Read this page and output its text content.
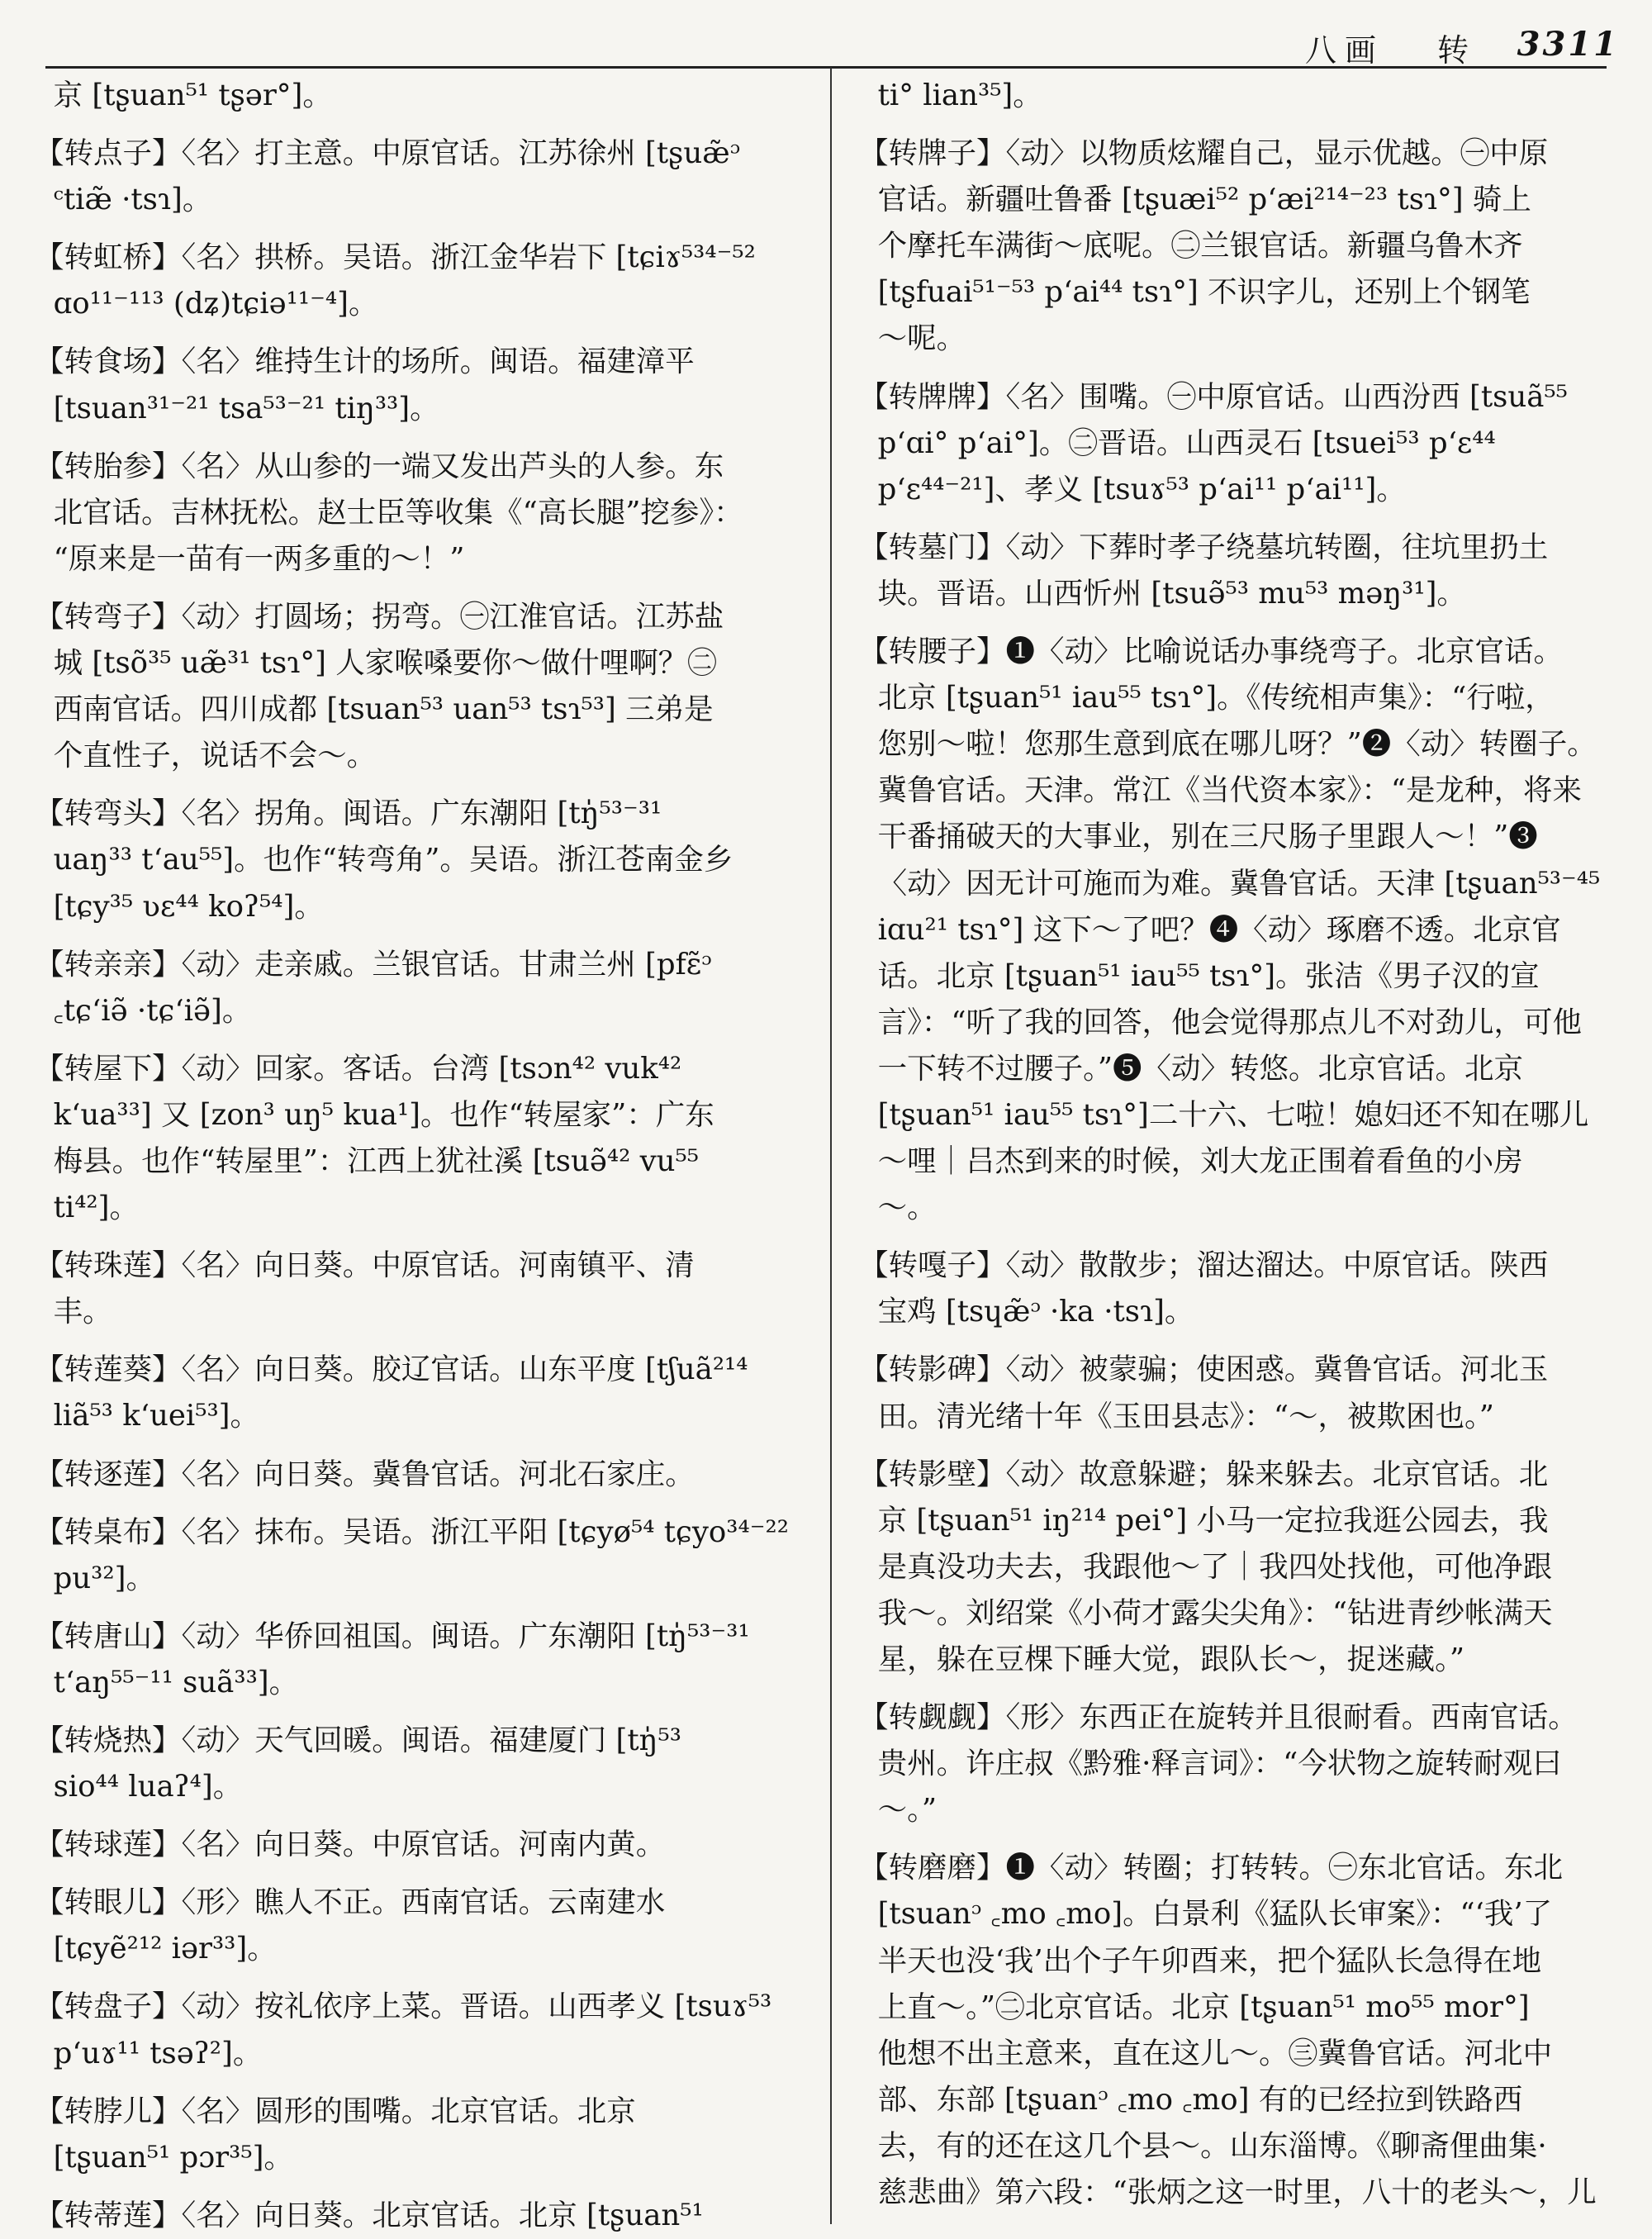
八画 转 3311
京 [tʂuan⁵¹ tʂər°]。
【转点子】〈名〉打主意。中原官话。江苏徐州 [tʂuæ̃ᵓ
ᶜtiæ̃ ·tsɿ]。
【转虹桥】〈名〉拱桥。吴语。浙江金华岩下 [tɕiɤ⁵³⁴⁻⁵²
ɑo¹¹⁻¹¹³ (dʑ)tɕiə¹¹⁻⁴]。
【转食场】〈名〉维持生计的场所。闽语。福建漳平
[tsuan³¹⁻²¹ tsa⁵³⁻²¹ tiŋ³³]。
【转胎参】〈名〉从山参的一端又发出芦头的人参。东
北官话。吉林抚松。赵士臣等收集《“高长腿”挖参》：
“原来是一苗有一两多重的～！”
【转弯子】〈动〉打圆场；拐弯。㊀江淮官话。江苏盐
城 [tsõ³⁵ uæ̃³¹ tsɿ°] 人家喉嗓要你～做什哩啊？㊁
西南官话。四川成都 [tsuan⁵³ uan⁵³ tsɿ⁵³] 三弟是
个直性子，说话不会～。
【转弯头】〈名〉拐角。闽语。广东潮阳 [tŋ̍⁵³⁻³¹
uaŋ³³ tʻau⁵⁵]。也作“转弯角”。吴语。浙江苍南金乡
[tɕy³⁵ ʋɛ⁴⁴ koʔ⁵⁴]。
【转亲亲】〈动〉走亲戚。兰银官话。甘肃兰州 [pfɛ̃ᵓ
꜀tɕʻiə̃ ·tɕʻiə̃]。
【转屋下】〈动〉回家。客话。台湾 [tsɔn⁴² vuk⁴²
kʻua³³] 又 [zon³ uŋ⁵ kua¹]。也作“转屋家”：广东
梅县。也作“转屋里”：江西上犹社溪 [tsuə̃⁴² vu⁵⁵
ti⁴²]。
【转珠莲】〈名〉向日葵。中原官话。河南镇平、清
丰。
【转莲葵】〈名〉向日葵。胶辽官话。山东平度 [tʃuã²¹⁴
liã⁵³ kʻuei⁵³]。
【转逐莲】〈名〉向日葵。冀鲁官话。河北石家庄。
【转桌布】〈名〉抹布。吴语。浙江平阳 [tɕyø⁵⁴ tɕyo³⁴⁻²²
pu³²]。
【转唐山】〈动〉华侨回祖国。闽语。广东潮阳 [tŋ̍⁵³⁻³¹
tʻaŋ⁵⁵⁻¹¹ suã³³]。
【转烧热】〈动〉天气回暖。闽语。福建厦门 [tŋ̍⁵³
sio⁴⁴ luaʔ⁴]。
【转球莲】〈名〉向日葵。中原官话。河南内黄。
【转眼儿】〈形〉瞧人不正。西南官话。云南建水
[tɕyẽ²¹² iər³³]。
【转盘子】〈动〉按礼依序上菜。晋语。山西孝义 [tsuɤ⁵³
pʻuɤ¹¹ tsəʔ²]。
【转脖儿】〈名〉圆形的围嘴。北京官话。北京
[tʂuan⁵¹ pɔr³⁵]。
【转蒂莲】〈名〉向日葵。北京官话。北京 [tʂuan⁵¹
ti° lian³⁵]。
【转牌子】〈动〉以物质炫耀自己，显示优越。㊀中原
官话。新疆吐鲁番 [tʂuæi⁵² pʻæi²¹⁴⁻²³ tsɿ°] 骑上
个摩托车满街～底呢。㊁兰银官话。新疆乌鲁木齐
[tʂfuai⁵¹⁻⁵³ pʻai⁴⁴ tsɿ°] 不识字儿，还别上个钢笔
～呢。
【转牌牌】〈名〉围嘴。㊀中原官话。山西汾西 [tsuã⁵⁵
pʻɑi° pʻai°]。㊁晋语。山西灵石 [tsuei⁵³ pʻɛ⁴⁴
pʻɛ⁴⁴⁻²¹]、孝义 [tsuɤ⁵³ pʻai¹¹ pʻai¹¹]。
【转墓门】〈动〉下葬时孝子绕墓坑转圈，往坑里扔土
块。晋语。山西忻州 [tsuə̃⁵³ mu⁵³ məŋ³¹]。
【转腰子】❶〈动〉比喻说话办事绕弯子。北京官话。
北京 [tʂuan⁵¹ iau⁵⁵ tsɿ°]。《传统相声集》：“行啦，
您别～啦！您那生意到底在哪儿呀？”❷〈动〉转圈子。
冀鲁官话。天津。常江《当代资本家》：“是龙种，将来
干番捅破天的大事业，别在三尺肠子里跟人～！”❸
〈动〉因无计可施而为难。冀鲁官话。天津 [tʂuan⁵³⁻⁴⁵
iɑu²¹ tsɿ°] 这下～了吧？❹〈动〉琢磨不透。北京官
话。北京 [tʂuan⁵¹ iau⁵⁵ tsɿ°]。张洁《男子汉的宣
言》：“听了我的回答，他会觉得那点儿不对劲儿，可他
一下转不过腰子。”❺〈动〉转悠。北京官话。北京
[tʂuan⁵¹ iau⁵⁵ tsɿ°]二十六、七啦！媳妇还不知在哪儿
～哩｜吕杰到来的时候，刘大龙正围着看鱼的小房
～。
【转嘎子】〈动〉散散步；溜达溜达。中原官话。陕西
宝鸡 [tsɥæ̃ᵓ ·ka ·tsɿ]。
【转影碑】〈动〉被蒙骗；使困惑。冀鲁官话。河北玉
田。清光绪十年《玉田县志》：“～，被欺困也。”
【转影壁】〈动〉故意躲避；躲来躲去。北京官话。北
京 [tʂuan⁵¹ iŋ²¹⁴ pei°] 小马一定拉我逛公园去，我
是真没功夫去，我跟他～了｜我四处找他，可他净跟
我～。刘绍棠《小荷才露尖尖角》：“钻进青纱帐满天
星，躲在豆棵下睡大觉，跟队长～，捉迷藏。”
【转觑觑】〈形〉东西正在旋转并且很耐看。西南官话。
贵州。许庄叔《黔雅·释言词》：“今状物之旋转耐观曰
～。”
【转磨磨】❶〈动〉转圈；打转转。㊀东北官话。东北
[tsuanᵓ ꜀mo ꜀mo]。白景利《猛队长审案》：“‘我’了
半天也没‘我’出个子午卯酉来，把个猛队长急得在地
上直～。”㊁北京官话。北京 [tʂuan⁵¹ mo⁵⁵ mor°]
他想不出主意来，直在这儿～。㊂冀鲁官话。河北中
部、东部 [tʂuanᵓ ꜀mo ꜀mo] 有的已经拉到铁路西
去，有的还在这几个县～。山东淄博。《聊斋俚曲集·
慈悲曲》第六段：“张炳之这一时里，八十的老头～，儿
